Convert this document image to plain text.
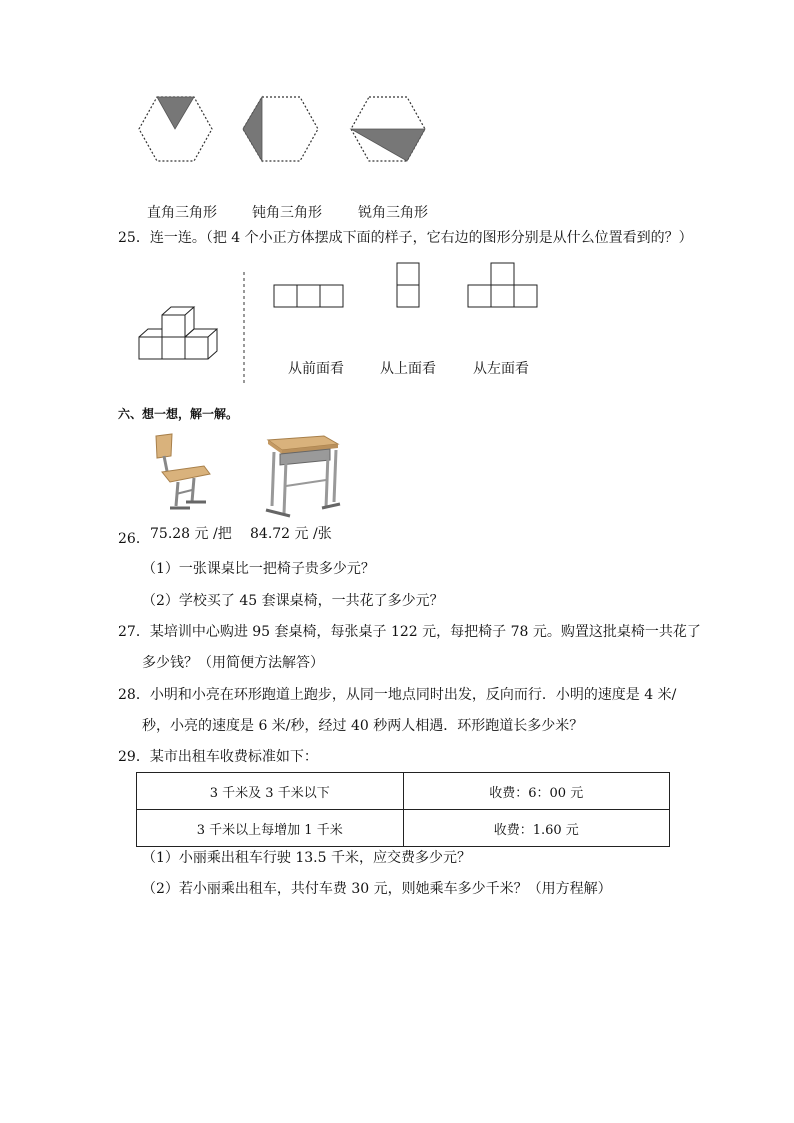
直角三角形	钝角三角形	锐角三角形
25．连一连。（把 4 个小正方体摆成下面的样子，它右边的图形分别是从什么位置看到的？）
从前面看	从上面看	从左面看
六、想一想，解一解。
26． 75.28 元 /把 84.72 元 /张
（1）一张课桌比一把椅子贵多少元？
（2）学校买了 45 套课桌椅，一共花了多少元？
27．某培训中心购进 95 套桌椅，每张桌子 122 元，每把椅子 78 元。购置这批桌椅一共花了
多少钱？（用简便方法解答）
28．小明和小亮在环形跑道上跑步，从同一地点同时出发，反向而行．小明的速度是 4 米/
秒，小亮的速度是 6 米/秒，经过 40 秒两人相遇．环形跑道长多少米？
29．某市出租车收费标准如下：
3 千米及 3 千米以下	收费：6：00 元
3 千米以上每增加 1 千米	收费：1.60 元
（1）小丽乘出租车行驶 13.5 千米，应交费多少元？
（2）若小丽乘出租车，共付车费 30 元，则她乘车多少千米？（用方程解）
